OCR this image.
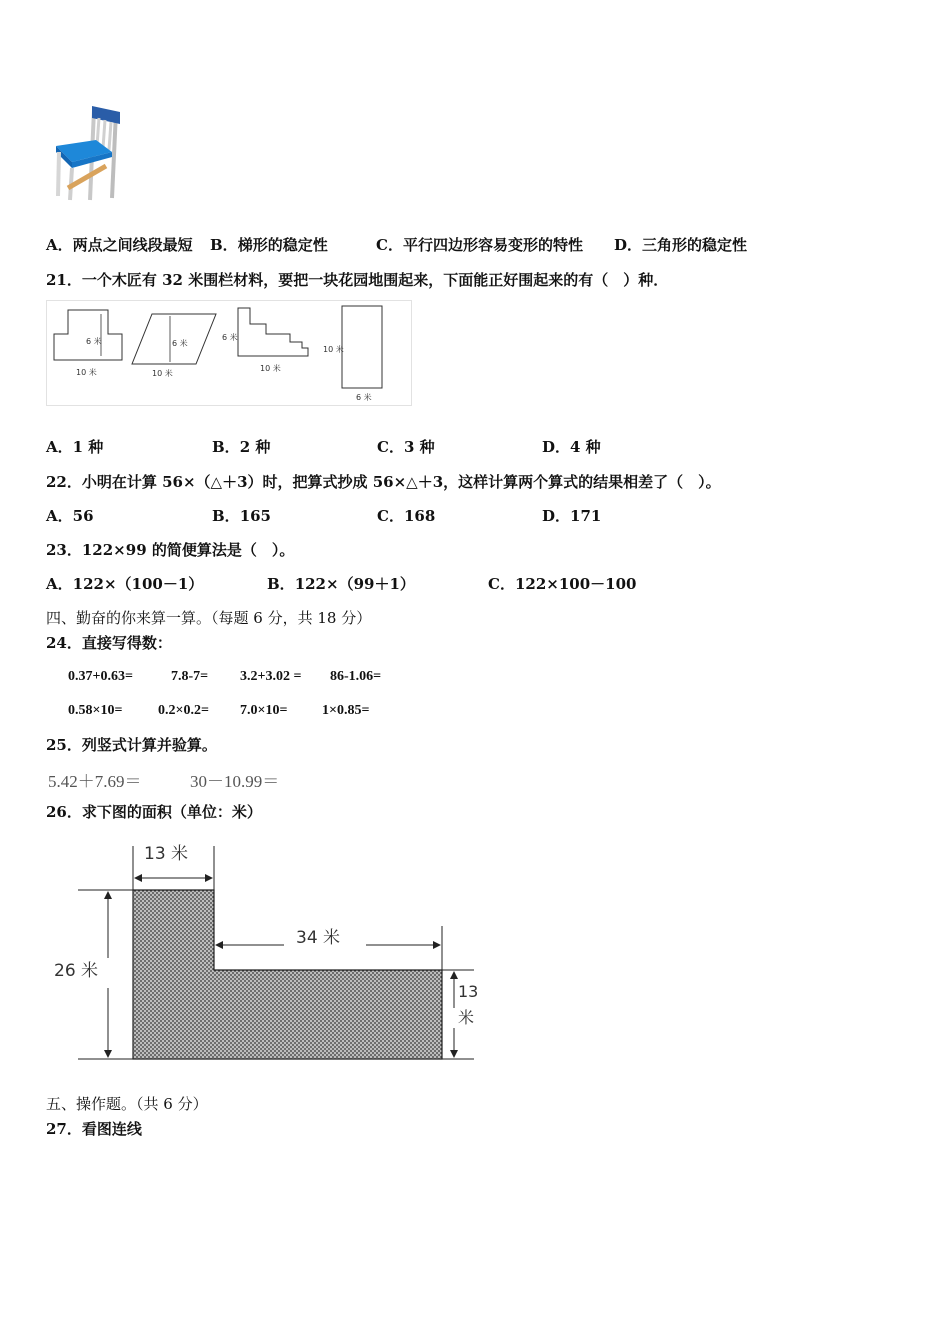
A．两点之间线段最短 B．梯形的稳定性	C．平行四边形容易变形的特性 D．三角形的稳定性
21．一个木匠有 32 米围栏材料，要把一块花园地围起来，下面能正好围起来的有（　）种．
6 米
10 米
6 米
10 米
6 米
10 米
10 米
6 米
A．1 种	B．2 种	C．3 种	D．4 种
22．小明在计算 56×（△＋3）时，把算式抄成 56×△＋3，这样计算两个算式的结果相差了（　）。
A．56	B．165	C．168	D．171
23．122×99 的简便算法是（　）。
A．122×（100－1）	B．122×（99＋1）	C．122×100－100
四、勤奋的你来算一算。（每题 6 分，共 18 分）
24．直接写得数：
0.37+0.63=	7.8-7= 3.2+3.02 = 86-1.06=
0.58×10=	0.2×0.2= 7.0×10= 1×0.85=
25．列竖式计算并验算。
5.42＋7.69＝	30－10.99＝
26．求下图的面积（单位：米）
13 米
34 米
26 米
13
米
五、操作题。（共 6 分）
27．看图连线
